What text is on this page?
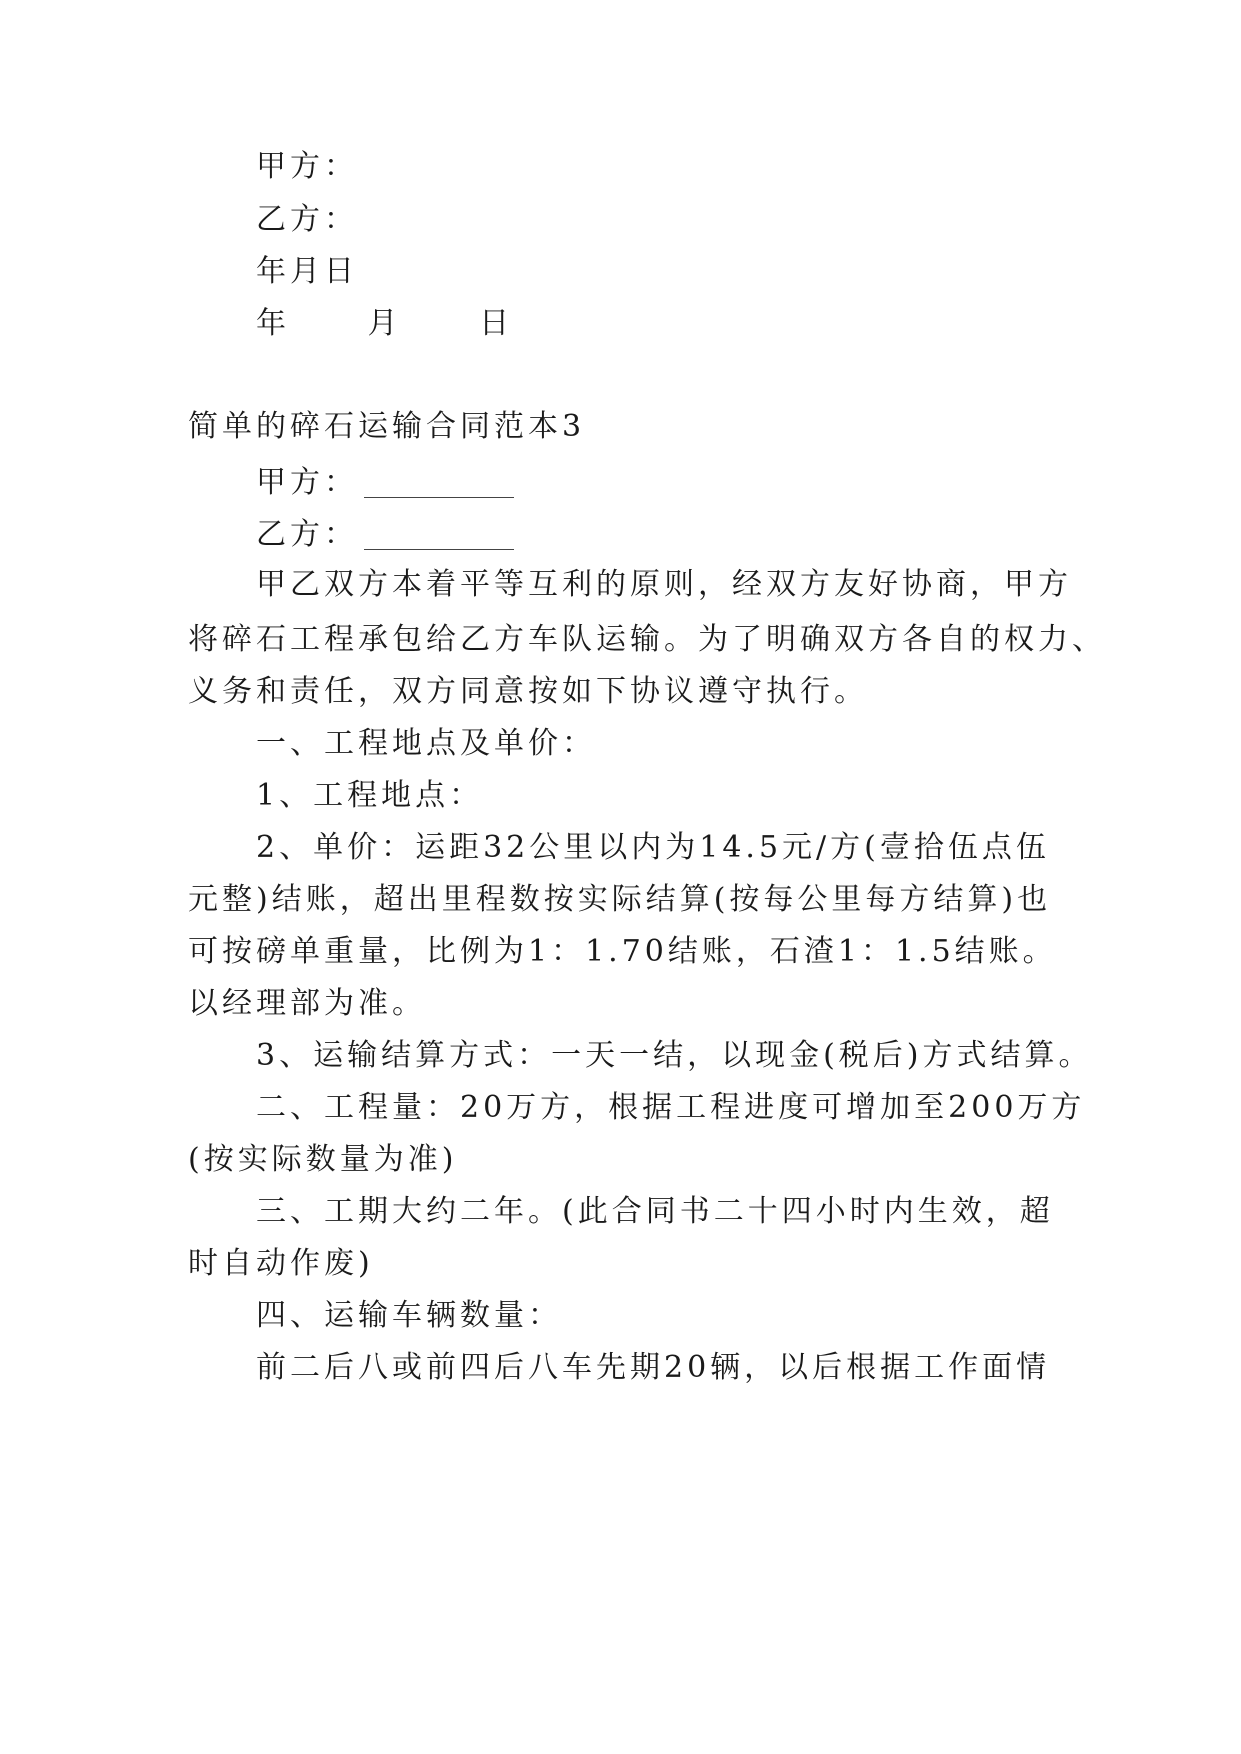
甲方：
乙方：
年月日
年 月 日
简单的碎石运输合同范本3
甲方：
乙方：
甲乙双方本着平等互利的原则，经双方友好协商，甲方
将碎石工程承包给乙方车队运输。为了明确双方各自的权力、
义务和责任，双方同意按如下协议遵守执行。
一、工程地点及单价：
1、工程地点：
2、单价：运距32公里以内为14.5元/方(壹拾伍点伍
元整)结账，超出里程数按实际结算(按每公里每方结算)也
可按磅单重量，比例为1：1.70结账，石渣1：1.5结账。
以经理部为准。
3、运输结算方式：一天一结，以现金(税后)方式结算。
二、工程量：20万方，根据工程进度可增加至200万方
(按实际数量为准)
三、工期大约二年。(此合同书二十四小时内生效，超
时自动作废)
四、运输车辆数量：
前二后八或前四后八车先期20辆，以后根据工作面情
